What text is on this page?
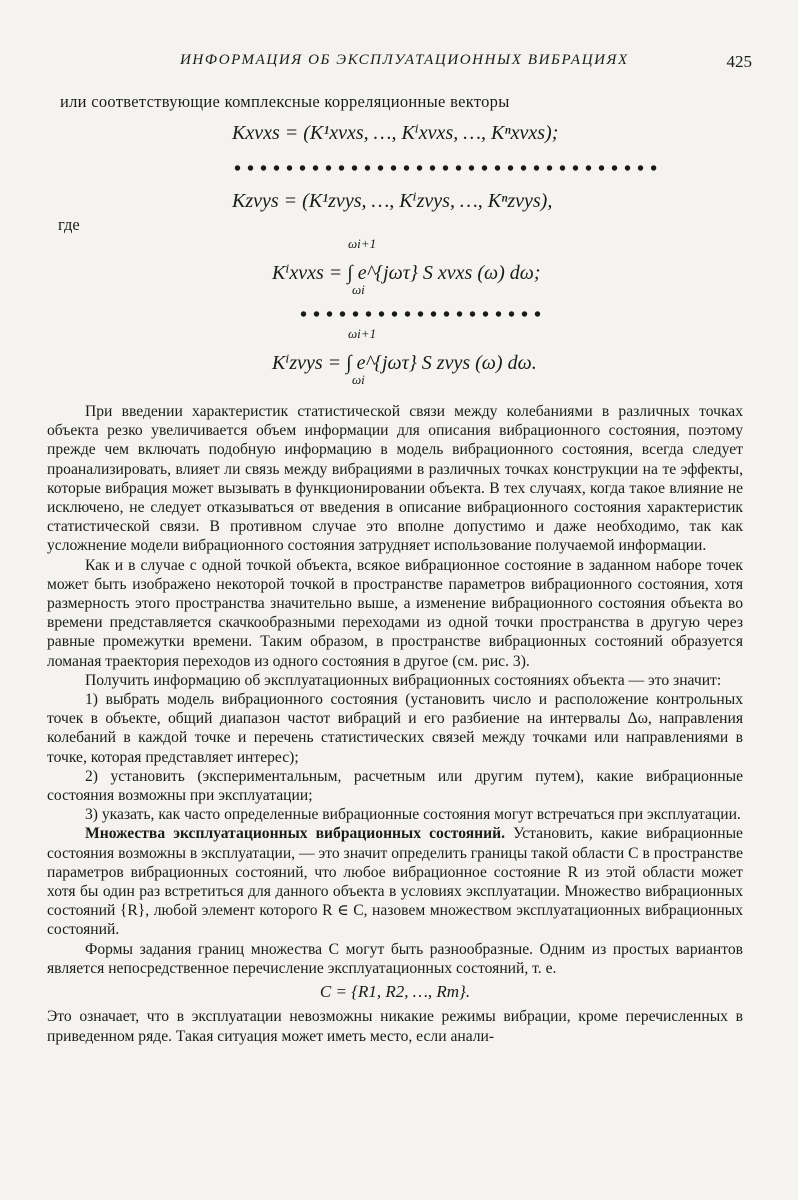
ИНФОРМАЦИЯ ОБ ЭКСПЛУАТАЦИОННЫХ ВИБРАЦИЯХ	425
или соответствующие комплексные корреляционные векторы
Kxvxs = (K¹xvxs, …, Kⁱxvxs, …, Kⁿxvxs);
•••••••••••••••••••••••••••••••••
Kzvys = (K¹zvys, …, Kⁱzvys, …, Kⁿzvys),
где
ωi+1
Kⁱxvxs = ∫ e^{jωτ} S xvxs (ω) dω;
ωi
•••••••••••••••••••
ωi+1
Kⁱzvys = ∫ e^{jωτ} S zvys (ω) dω.
ωi

При введении характеристик статистической связи между колебаниями в различных точках объекта резко увеличивается объем информации для описания вибрационного состояния, поэтому прежде чем включать подобную информацию в модель вибрационного состояния, всегда следует проанализировать, влияет ли связь между вибрациями в различных точках конструкции на те эффекты, которые вибрация может вызывать в функционировании объекта. В тех случаях, когда такое влияние не исключено, не следует отказываться от введения в описание вибрационного состояния характеристик статистической связи. В противном случае это вполне допустимо и даже необходимо, так как усложнение модели вибрационного состояния затрудняет использование получаемой информации.

Как и в случае с одной точкой объекта, всякое вибрационное состояние в заданном наборе точек может быть изображено некоторой точкой в пространстве параметров вибрационного состояния, хотя размерность этого пространства значительно выше, а изменение вибрационного состояния объекта во времени представляется скачкообразными переходами из одной точки пространства в другую через равные промежутки времени. Таким образом, в пространстве вибрационных состояний образуется ломаная траектория переходов из одного состояния в другое (см. рис. 3).

Получить информацию об эксплуатационных вибрационных состояниях объекта — это значит:

1) выбрать модель вибрационного состояния (установить число и расположение контрольных точек в объекте, общий диапазон частот вибраций и его разбиение на интервалы Δω, направления колебаний в каждой точке и перечень статистических связей между точками или направлениями в точке, которая представляет интерес);

2) установить (экспериментальным, расчетным или другим путем), какие вибрационные состояния возможны при эксплуатации;

3) указать, как часто определенные вибрационные состояния могут встречаться при эксплуатации.

Множества эксплуатационных вибрационных состояний. Установить, какие вибрационные состояния возможны в эксплуатации, — это значит определить границы такой области C в пространстве параметров вибрационных состояний, что любое вибрационное состояние R из этой области может хотя бы один раз встретиться для данного объекта в условиях эксплуатации. Множество вибрационных состояний {R}, любой элемент которого R ∈ C, назовем множеством эксплуатационных вибрационных состояний.

Формы задания границ множества C могут быть разнообразные. Одним из простых вариантов является непосредственное перечисление эксплуатационных состояний, т. е.

C = {R1, R2, …, Rm}.

Это означает, что в эксплуатации невозможны никакие режимы вибрации, кроме перечисленных в приведенном ряде. Такая ситуация может иметь место, если анали-
